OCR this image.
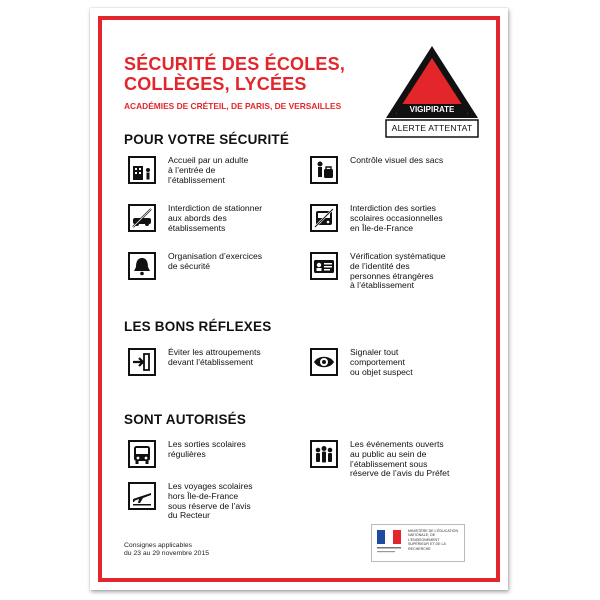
SÉCURITÉ DES ÉCOLES, COLLÈGES, LYCÉES
ACADÉMIES DE CRÉTEIL, DE PARIS, DE VERSAILLES	VIGIPIRATE
ALERTE ATTENTAT
POUR VOTRE SÉCURITÉ
Accueil par un adulte
à l’entrée de
l’établissement
Contrôle visuel des sacs
Interdiction de stationner
aux abords des
établissements
Interdiction des sorties
scolaires occasionnelles
en Île-de-France
Organisation d’exercices
de sécurité
Vérification systématique
de l’identité des
personnes étrangères
à l’établissement
LES BONS RÉFLEXES
Éviter les attroupements
devant l’établissement
Signaler tout
comportement
ou objet suspect
SONT AUTORISÉS
Les sorties scolaires
régulières
Les événements ouverts
au public au sein de
l’établissement sous
réserve de l’avis du Préfet
Les voyages scolaires
hors Île-de-France
sous réserve de l’avis
du Recteur
Consignes applicables
du 23 au 29 novembre 2015
MINISTÈRE DE L’ÉDUCATION NATIONALE, DE L’ENSEIGNEMENT SUPÉRIEUR ET DE LA RECHERCHE
